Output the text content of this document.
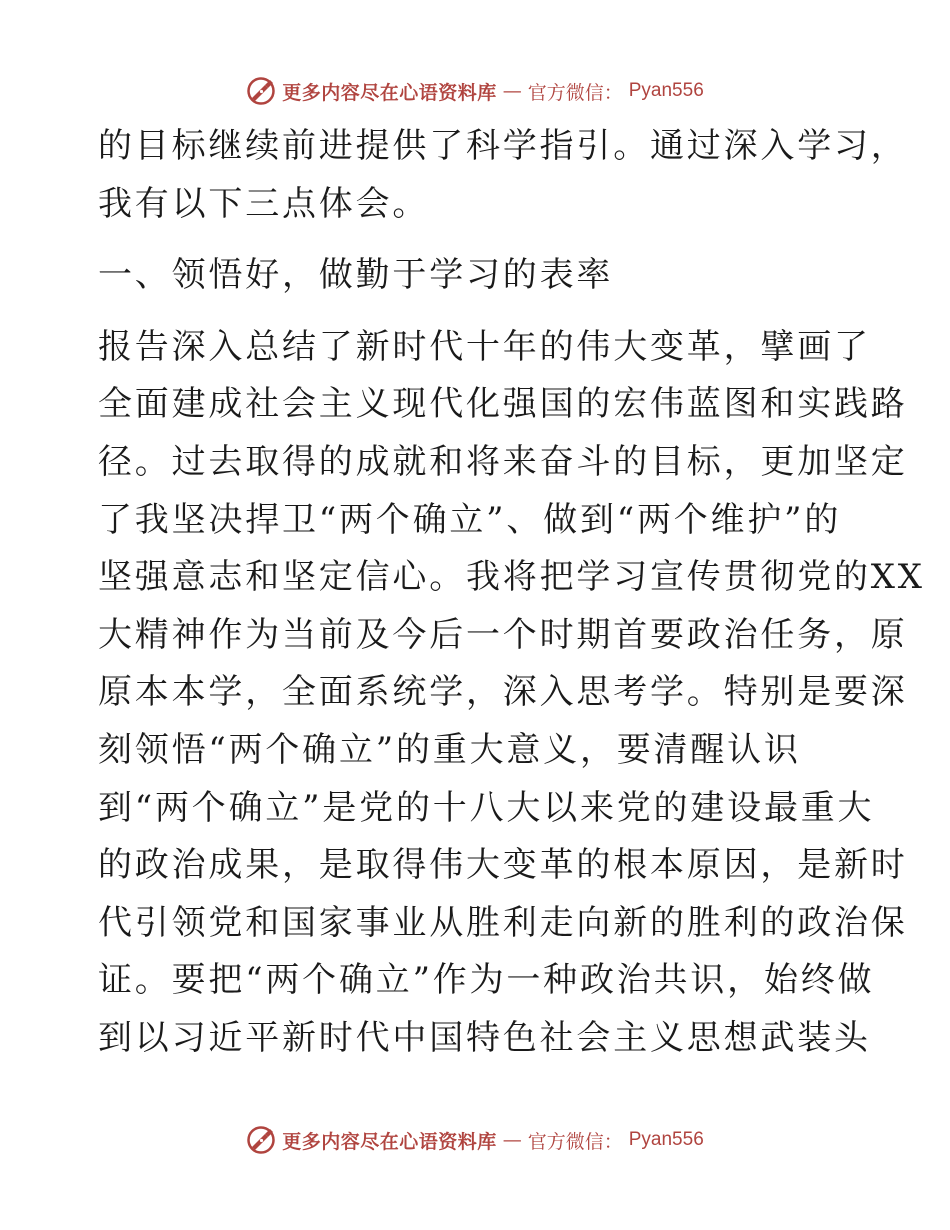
更多内容尽在心语资料库 — 官方微信： Pyan556
的目标继续前进提供了科学指引。通过深入学习，
我有以下三点体会。
一、领悟好，做勤于学习的表率
报告深入总结了新时代十年的伟大变革，擘画了
全面建成社会主义现代化强国的宏伟蓝图和实践路
径。过去取得的成就和将来奋斗的目标，更加坚定
了我坚决捍卫“两个确立”、做到“两个维护”的
坚强意志和坚定信心。我将把学习宣传贯彻党的XX
大精神作为当前及今后一个时期首要政治任务，原
原本本学，全面系统学，深入思考学。特别是要深
刻领悟“两个确立”的重大意义，要清醒认识
到“两个确立”是党的十八大以来党的建设最重大
的政治成果，是取得伟大变革的根本原因，是新时
代引领党和国家事业从胜利走向新的胜利的政治保
证。要把“两个确立”作为一种政治共识，始终做
到以习近平新时代中国特色社会主义思想武装头
更多内容尽在心语资料库 — 官方微信： Pyan556
